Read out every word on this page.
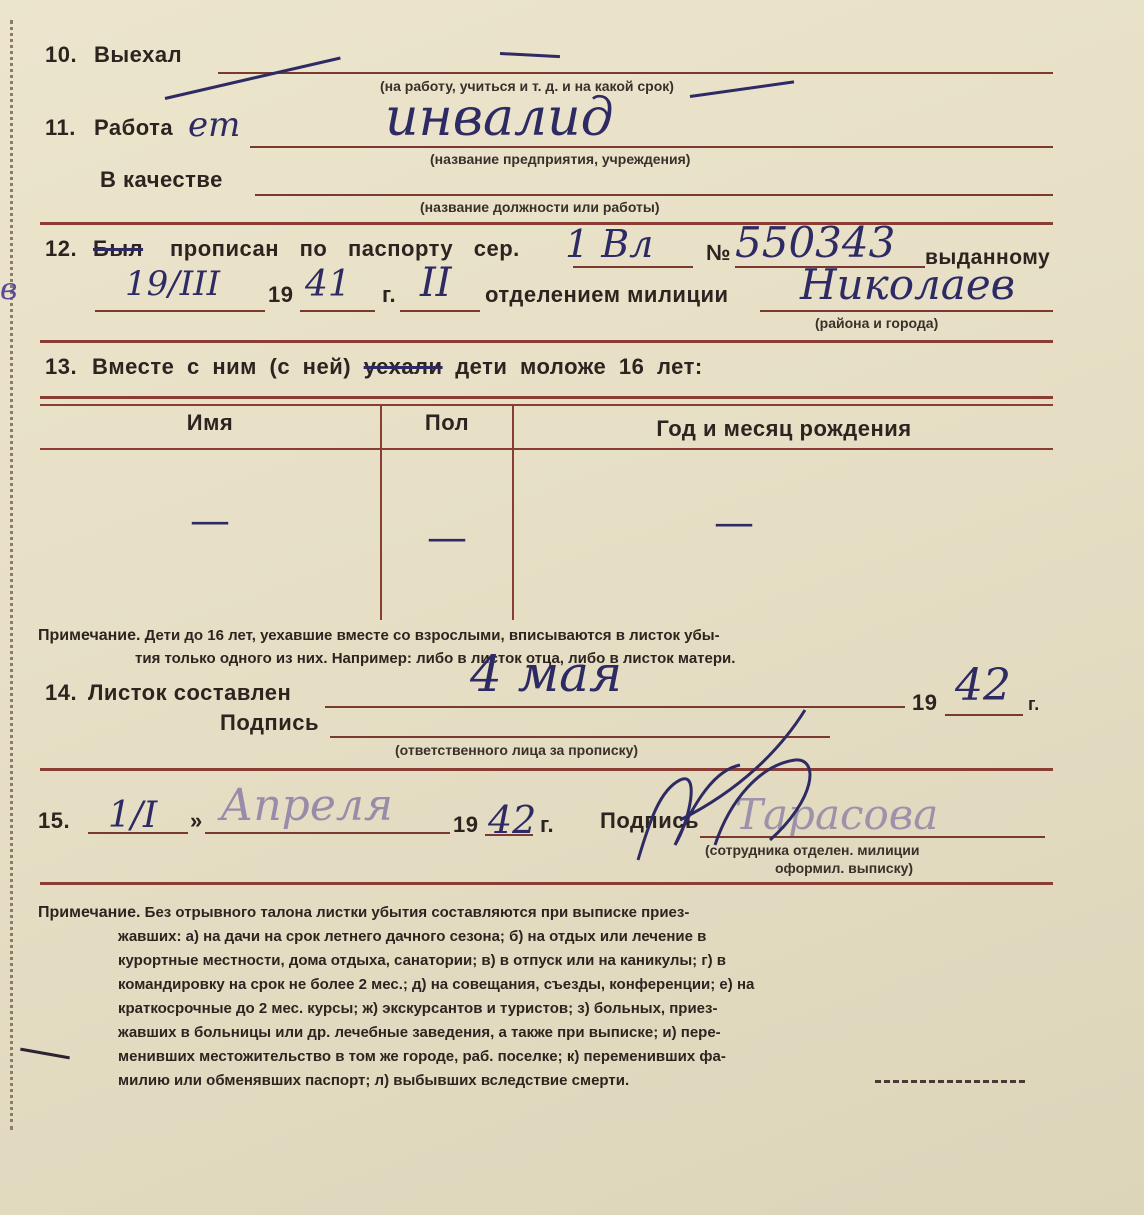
10. Выехал
(на работу, учиться и т. д. и на какой срок)
11. Работа ет	инвалид
(название предприятия, учреждения)
В качестве
(название должности или работы)
12. Был прописан по паспорту сер. 1 Вл № 550343 выданному
в	19/III 19 41 г. II отделением милиции Николаев
(района и города)
13. Вместе с ним (с ней) уехали дети моложе 16 лет:
Имя	Пол	Год и месяц рождения
—	—	—
Примечание. Дети до 16 лет, уехавшие вместе со взрослыми, вписываются в листок убы-
тия только одного из них. Например: либо в листок отца, либо в листок матери.
14. Листок составлен	4 мая	19 42 г.
Подпись
(ответственного лица за прописку)
15. 1/I » Апреля	19 42 г. Подпись Тарасова
(сотрудника отделен. милиции
оформил. выписку)
Примечание. Без отрывного талона листки убытия составляются при выписке приез-
жавших: а) на дачи на срок летнего дачного сезона; б) на отдых или лечение в
курортные местности, дома отдыха, санатории; в) в отпуск или на каникулы; г) в
командировку на срок не более 2 мес.; д) на совещания, съезды, конференции; е) на
краткосрочные до 2 мес. курсы; ж) экскурсантов и туристов; з) больных, приез-
жавших в больницы или др. лечебные заведения, а также при выписке; и) пере-
менивших местожительство в том же городе, раб. поселке; к) переменивших фа-
милию или обменявших паспорт; л) выбывших вследствие смерти.
